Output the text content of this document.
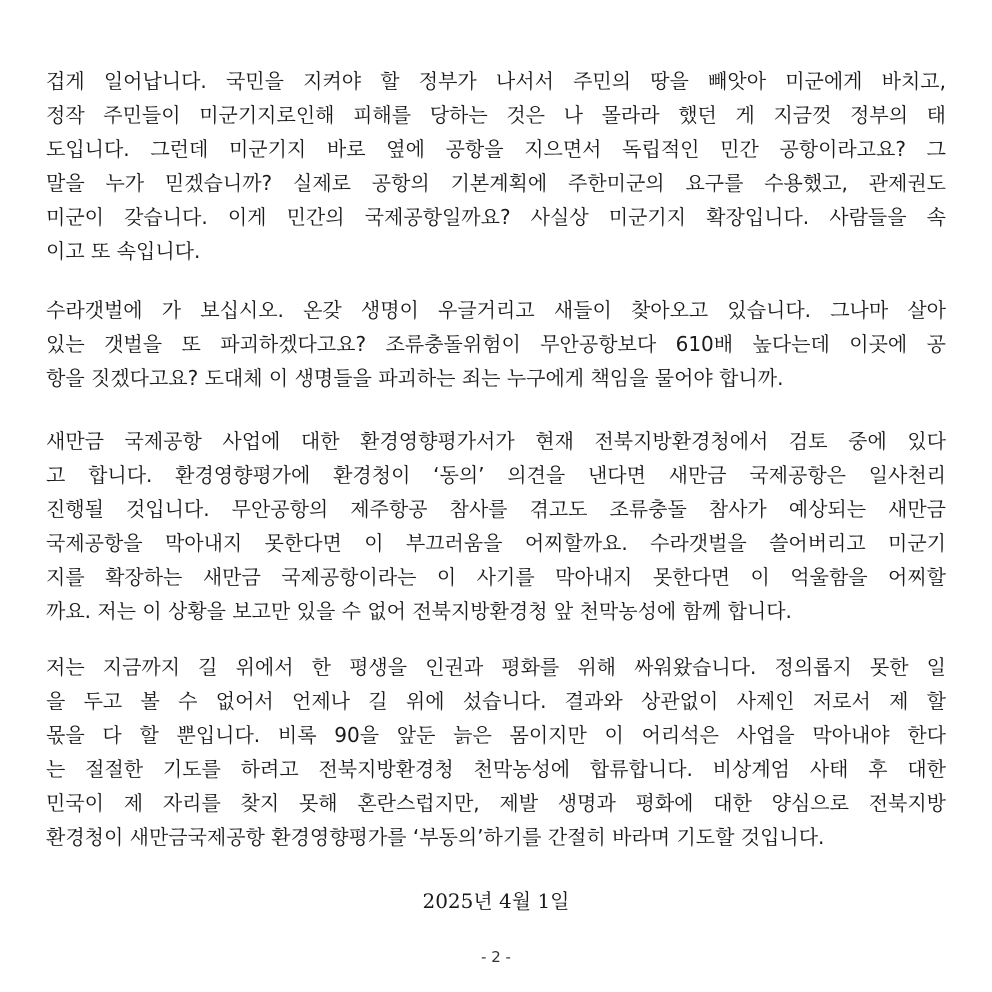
겁게 일어납니다. 국민을 지켜야 할 정부가 나서서 주민의 땅을 빼앗아 미군에게 바치고,
정작 주민들이 미군기지로인해 피해를 당하는 것은 나 몰라라 했던 게 지금껏 정부의 태
도입니다. 그런데 미군기지 바로 옆에 공항을 지으면서 독립적인 민간 공항이라고요? 그
말을 누가 믿겠습니까? 실제로 공항의 기본계획에 주한미군의 요구를 수용했고, 관제권도
미군이 갖습니다. 이게 민간의 국제공항일까요? 사실상 미군기지 확장입니다. 사람들을 속
이고 또 속입니다.
수라갯벌에 가 보십시오. 온갖 생명이 우글거리고 새들이 찾아오고 있습니다. 그나마 살아
있는 갯벌을 또 파괴하겠다고요? 조류충돌위험이 무안공항보다 610배 높다는데 이곳에 공
항을 짓겠다고요? 도대체 이 생명들을 파괴하는 죄는 누구에게 책임을 물어야 합니까.
새만금 국제공항 사업에 대한 환경영향평가서가 현재 전북지방환경청에서 검토 중에 있다
고 합니다. 환경영향평가에 환경청이 ‘동의’ 의견을 낸다면 새만금 국제공항은 일사천리
진행될 것입니다. 무안공항의 제주항공 참사를 겪고도 조류충돌 참사가 예상되는 새만금
국제공항을 막아내지 못한다면 이 부끄러움을 어찌할까요. 수라갯벌을 쓸어버리고 미군기
지를 확장하는 새만금 국제공항이라는 이 사기를 막아내지 못한다면 이 억울함을 어찌할
까요. 저는 이 상황을 보고만 있을 수 없어 전북지방환경청 앞 천막농성에 함께 합니다.
저는 지금까지 길 위에서 한 평생을 인권과 평화를 위해 싸워왔습니다. 정의롭지 못한 일
을 두고 볼 수 없어서 언제나 길 위에 섰습니다. 결과와 상관없이 사제인 저로서 제 할
몫을 다 할 뿐입니다. 비록 90을 앞둔 늙은 몸이지만 이 어리석은 사업을 막아내야 한다
는 절절한 기도를 하려고 전북지방환경청 천막농성에 합류합니다. 비상계엄 사태 후 대한
민국이 제 자리를 찾지 못해 혼란스럽지만, 제발 생명과 평화에 대한 양심으로 전북지방
환경청이 새만금국제공항 환경영향평가를 ‘부동의’하기를 간절히 바라며 기도할 것입니다.
2025년 4월 1일
- 2 -
